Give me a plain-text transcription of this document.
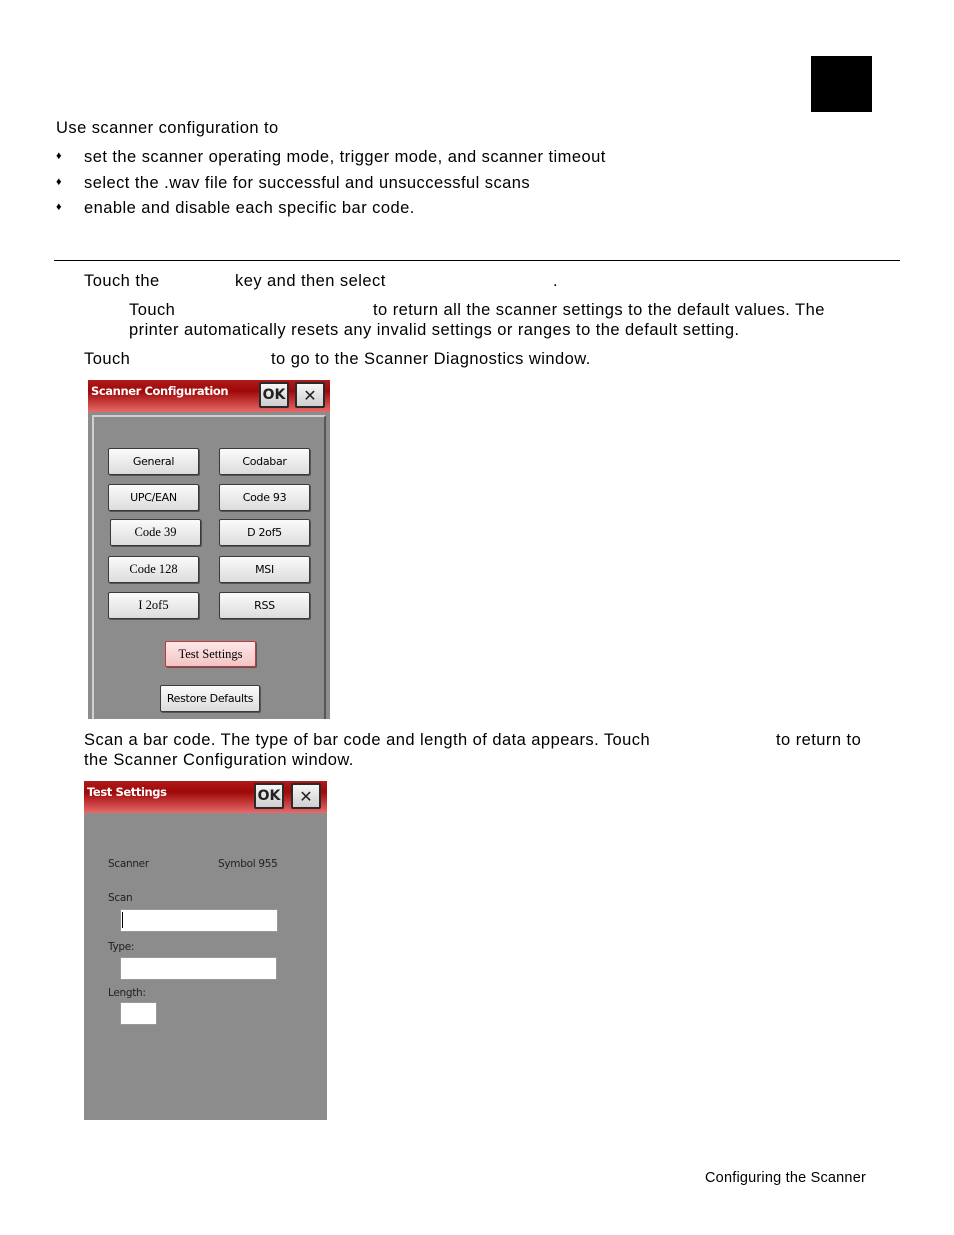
Use scanner configuration to
♦ set the scanner operating mode, trigger mode, and scanner timeout
♦ select the .wav file for successful and unsuccessful scans
♦ enable and disable each specific bar code.
Touch the	key and then select	.
Touch	to return all the scanner settings to the default values. The
printer automatically resets any invalid settings or ranges to the default setting.
Touch	to go to the Scanner Diagnostics window.
Scanner Configuration OK	✕
General	Codabar
UPC/EAN	Code 93
Code 39	D 2of5
Code 128	MSI
I 2of5	RSS
Test Settings
Restore Defaults
Scan a bar code. The type of bar code and length of data appears. Touch	to return to
the Scanner Configuration window.
Test Settings	OK	✕
Scanner	Symbol 955
Scan
Type:
Length:
Configuring the Scanner
